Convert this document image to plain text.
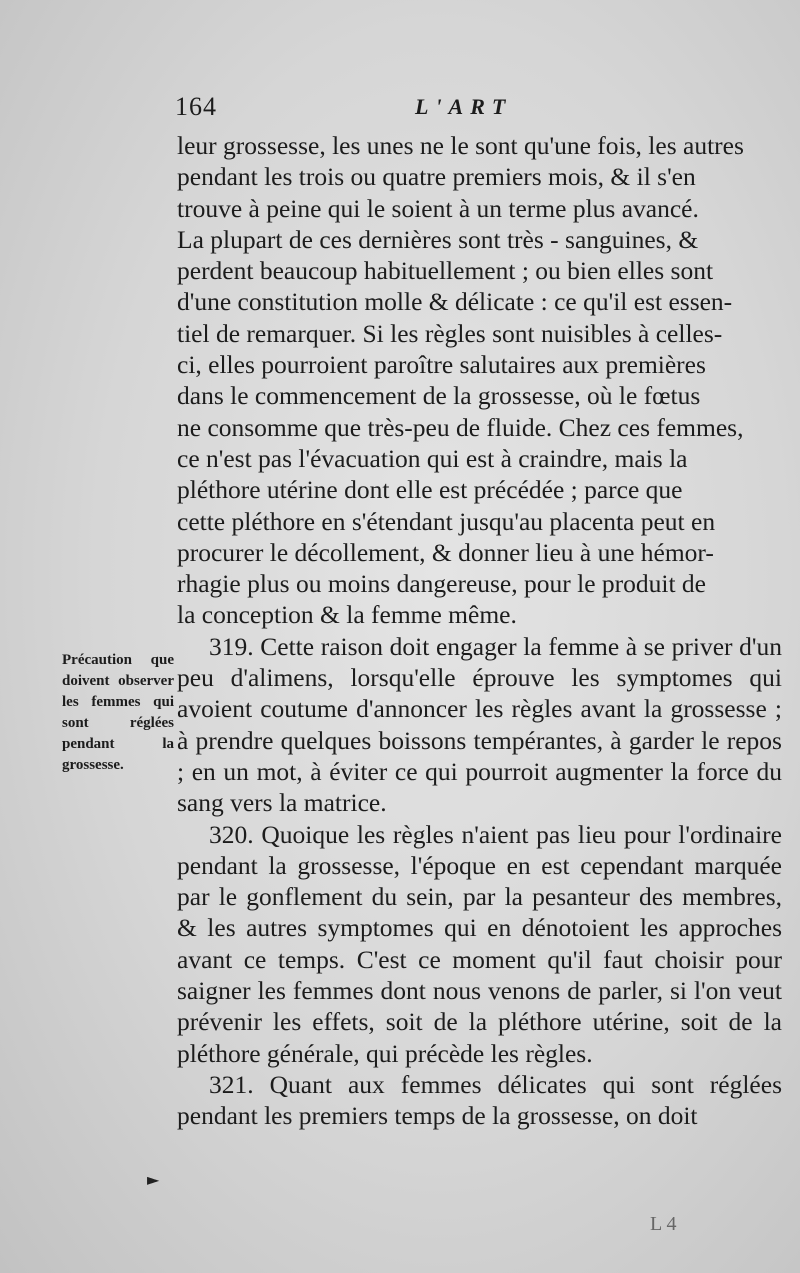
164	L'ART
leur grossesse, les unes ne le sont qu'une fois, les autres
pendant les trois ou quatre premiers mois, & il s'en
trouve à peine qui le soient à un terme plus avancé.
La plupart de ces dernières sont très - sanguines, &
perdent beaucoup habituellement ; ou bien elles sont
d'une constitution molle & délicate : ce qu'il est essen-
tiel de remarquer. Si les règles sont nuisibles à celles-
ci, elles pourroient paroître salutaires aux premières
dans le commencement de la grossesse, où le fœtus
ne consomme que très-peu de fluide. Chez ces femmes,
ce n'est pas l'évacuation qui est à craindre, mais la
pléthore utérine dont elle est précédée ; parce que
cette pléthore en s'étendant jusqu'au placenta peut en
procurer le décollement, & donner lieu à une hémor-
rhagie plus ou moins dangereuse, pour le produit de
la conception & la femme même.

319. Cette raison doit engager la femme à se priver d'un peu d'alimens, lorsqu'elle éprouve les symptomes qui avoient coutume d'annoncer les règles avant la grossesse ; à prendre quelques boissons tempérantes, à garder le repos ; en un mot, à éviter ce qui pourroit augmenter la force du sang vers la matrice.

320. Quoique les règles n'aient pas lieu pour l'ordinaire pendant la grossesse, l'époque en est cependant marquée par le gonflement du sein, par la pesanteur des membres, & les autres symptomes qui en dénotoient les approches avant ce temps. C'est ce moment qu'il faut choisir pour saigner les femmes dont nous venons de parler, si l'on veut prévenir les effets, soit de la pléthore utérine, soit de la pléthore générale, qui précède les règles.

321. Quant aux femmes délicates qui sont réglées pendant les premiers temps de la grossesse, on doit

Précaution que doivent observer les femmes qui sont réglées pendant la grossesse.
►
L 4
